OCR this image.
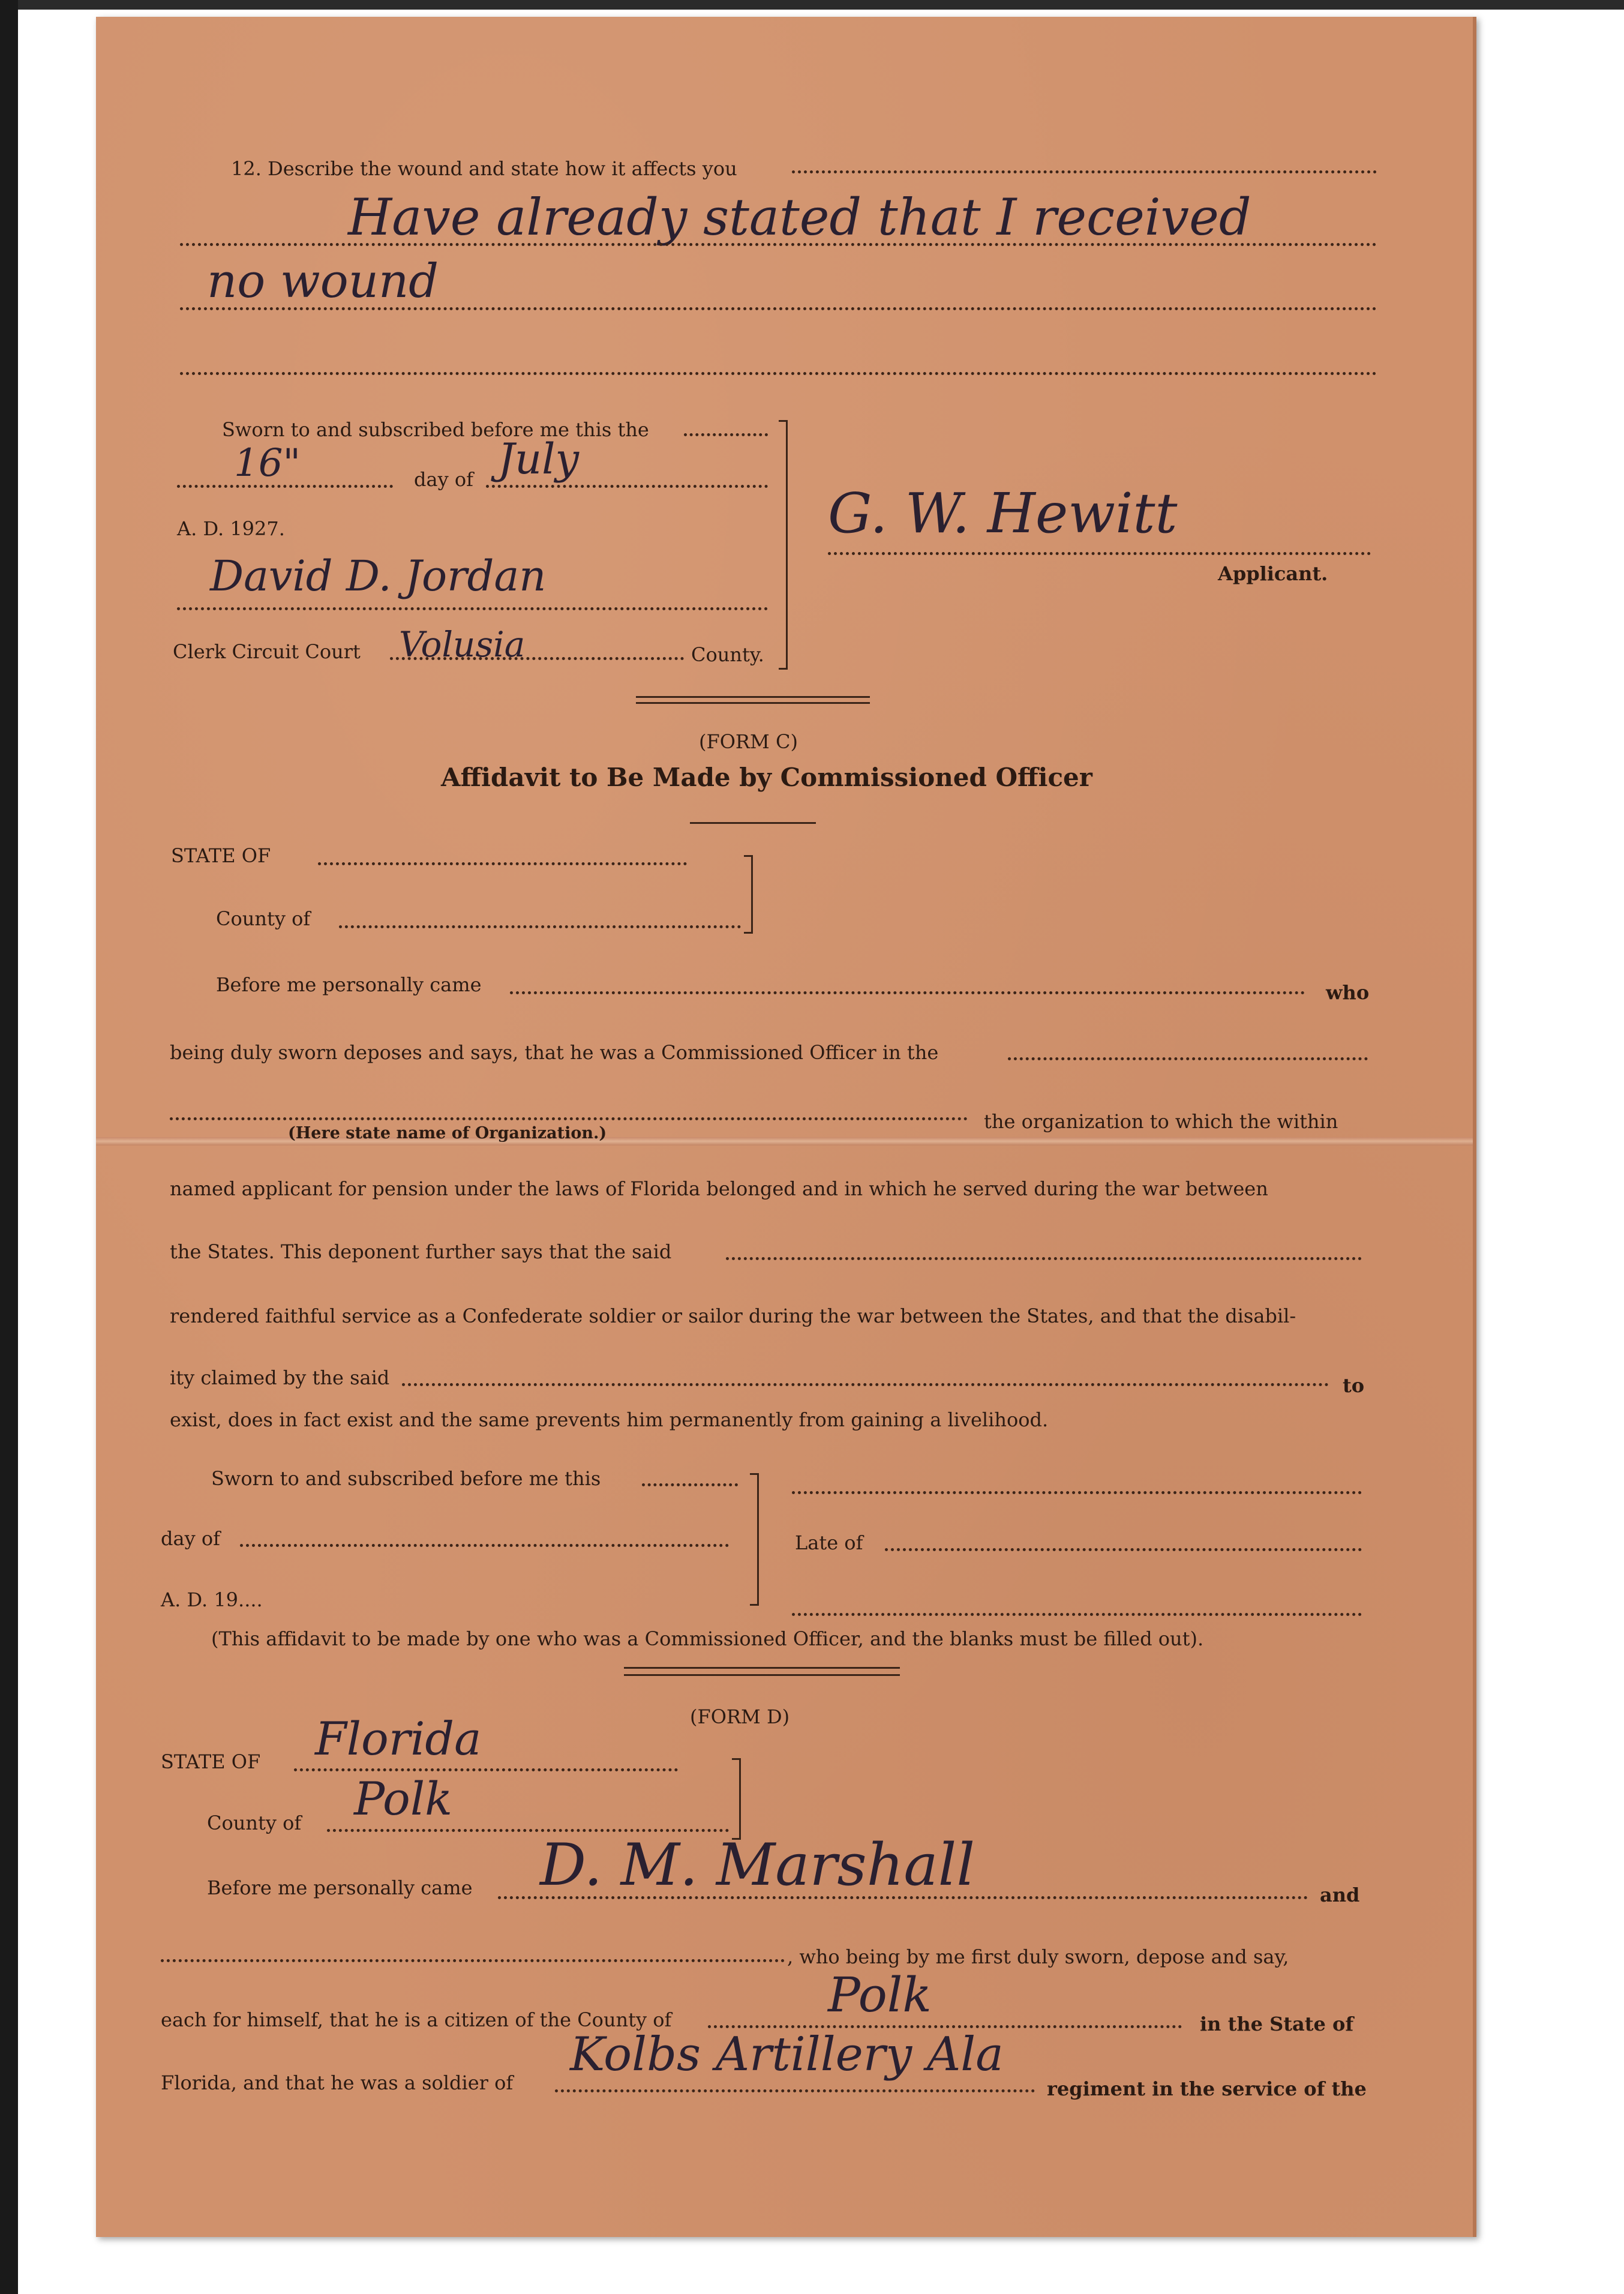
12. Describe the wound and state how it affects you
Have already stated that I received
no wound
Sworn to and subscribed before me this the
16"	day of July
A. D. 1927.
David D. Jordan
Clerk Circuit Court Volusia	County.
G. W. Hewitt
Applicant.
(FORM C)
Affidavit to Be Made by Commissioned Officer
STATE OF
County of
Before me personally came	who
being duly sworn deposes and says, that he was a Commissioned Officer in the
(Here state name of Organization.)
the organization to which the within
named applicant for pension under the laws of Florida belonged and in which he served during the war between
the States. This deponent further says that the said
rendered faithful service as a Confederate soldier or sailor during the war between the States, and that the disabil-
ity claimed by the said	to
exist, does in fact exist and the same prevents him permanently from gaining a livelihood.
Sworn to and subscribed before me this
day of
A. D. 19....
Late of
(This affidavit to be made by one who was a Commissioned Officer, and the blanks must be filled out).
(FORM D)
STATE OF Florida
County of Polk
Before me personally came D. M. Marshall	and
, who being by me first duly sworn, depose and say,
each for himself, that he is a citizen of the County of	Polk
in the State of
Florida, and that he was a soldier of
Kolbs Artillery Ala
regiment in the service of the
